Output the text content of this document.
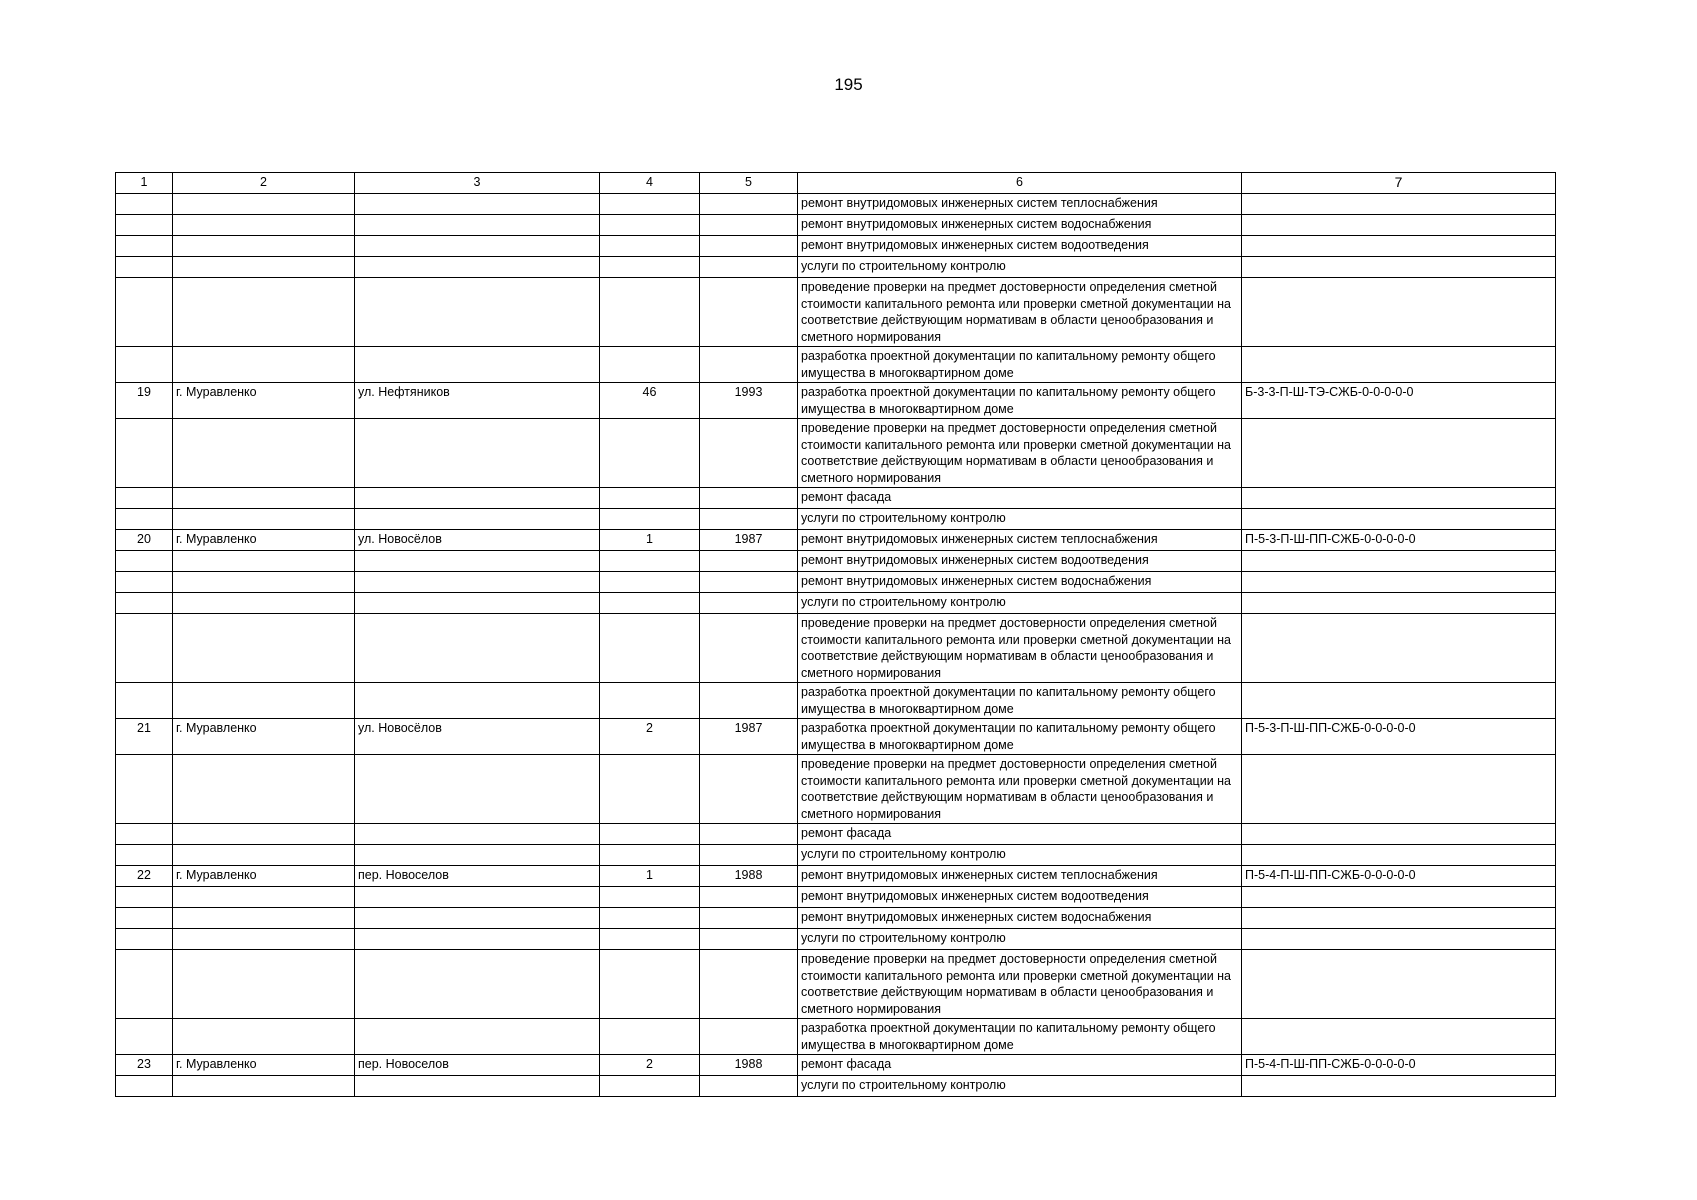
195
1	2	3	4	5	6	7
					ремонт внутридомовых инженерных систем теплоснабжения	
					ремонт внутридомовых инженерных систем водоснабжения	
					ремонт внутридомовых инженерных систем водоотведения	
					услуги по строительному контролю	
					проведение проверки на предмет достоверности определения сметной стоимости капитального ремонта или проверки сметной документации на соответствие действующим нормативам в области ценообразования и сметного нормирования	
					разработка проектной документации по капитальному ремонту общего имущества в многоквартирном доме	
19	г. Муравленко	ул. Нефтяников	46	1993	разработка проектной документации по капитальному ремонту общего имущества в многоквартирном доме	Б-3-3-П-Ш-ТЭ-СЖБ-0-0-0-0-0
					проведение проверки на предмет достоверности определения сметной стоимости капитального ремонта или проверки сметной документации на соответствие действующим нормативам в области ценообразования и сметного нормирования	
					ремонт фасада	
					услуги по строительному контролю	
20	г. Муравленко	ул. Новосёлов	1	1987	ремонт внутридомовых инженерных систем теплоснабжения	П-5-3-П-Ш-ПП-СЖБ-0-0-0-0-0
					ремонт внутридомовых инженерных систем водоотведения	
					ремонт внутридомовых инженерных систем водоснабжения	
					услуги по строительному контролю	
					проведение проверки на предмет достоверности определения сметной стоимости капитального ремонта или проверки сметной документации на соответствие действующим нормативам в области ценообразования и сметного нормирования	
					разработка проектной документации по капитальному ремонту общего имущества в многоквартирном доме	
21	г. Муравленко	ул. Новосёлов	2	1987	разработка проектной документации по капитальному ремонту общего имущества в многоквартирном доме	П-5-3-П-Ш-ПП-СЖБ-0-0-0-0-0
					проведение проверки на предмет достоверности определения сметной стоимости капитального ремонта или проверки сметной документации на соответствие действующим нормативам в области ценообразования и сметного нормирования	
					ремонт фасада	
					услуги по строительному контролю	
22	г. Муравленко	пер. Новоселов	1	1988	ремонт внутридомовых инженерных систем теплоснабжения	П-5-4-П-Ш-ПП-СЖБ-0-0-0-0-0
					ремонт внутридомовых инженерных систем водоотведения	
					ремонт внутридомовых инженерных систем водоснабжения	
					услуги по строительному контролю	
					проведение проверки на предмет достоверности определения сметной стоимости капитального ремонта или проверки сметной документации на соответствие действующим нормативам в области ценообразования и сметного нормирования	
					разработка проектной документации по капитальному ремонту общего имущества в многоквартирном доме	
23	г. Муравленко	пер. Новоселов	2	1988	ремонт фасада	П-5-4-П-Ш-ПП-СЖБ-0-0-0-0-0
					услуги по строительному контролю	
